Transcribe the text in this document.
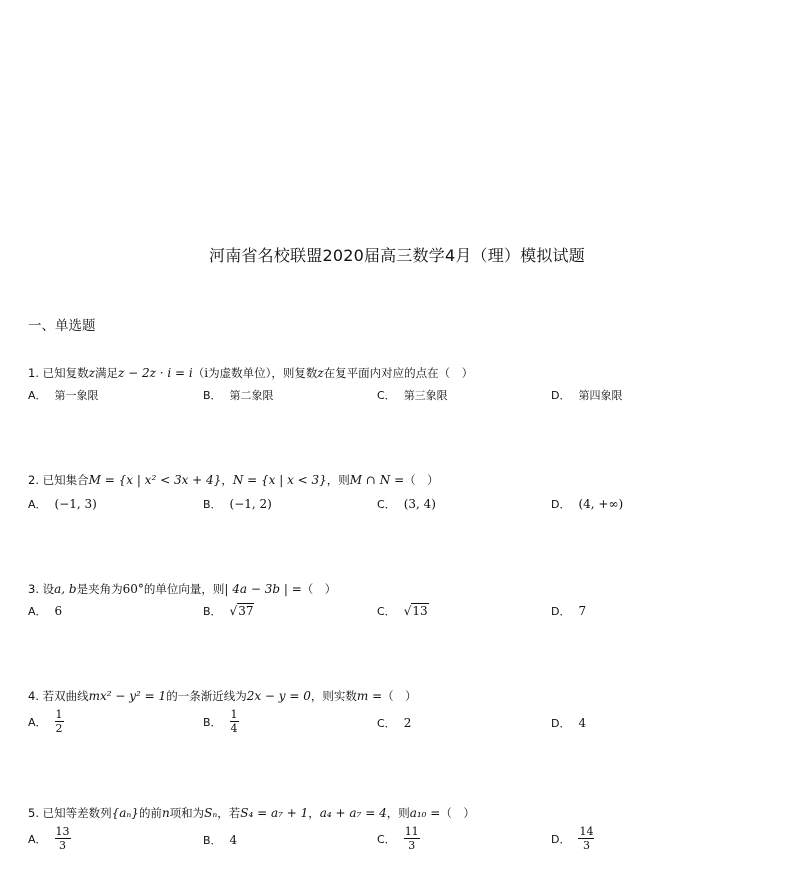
河南省名校联盟2020届高三数学4月（理）模拟试题
一、单选题
1. 已知复数z满足z − 2z · i = i（i为虚数单位），则复数z在复平面内对应的点在（　）
A． 第一象限	B． 第二象限	C． 第三象限	D． 第四象限
2. 已知集合M = {x | x² < 3x + 4}，N = {x | x < 3}，则M ∩ N =（　）
A． (−1, 3)	B． (−1, 2)	C． (3, 4)	D． (4, +∞)
3. 设a, b是夹角为60°的单位向量，则| 4a − 3b | =（　）
A． 6	B． √37	C． √13	D． 7
4. 若双曲线mx² − y² = 1的一条渐近线为2x − y = 0，则实数m =（　）
A． $\frac{1}{2}$	B． $\frac{1}{4}$	C． 2	D． 4
5. 已知等差数列{aₙ}的前n项和为Sₙ，若S₄ = a₇ + 1，a₄ + a₇ = 4，则a₁₀ =（　）
A． $\frac{13}{3}$	B． 4	C． $\frac{11}{3}$	D． $\frac{14}{3}$
